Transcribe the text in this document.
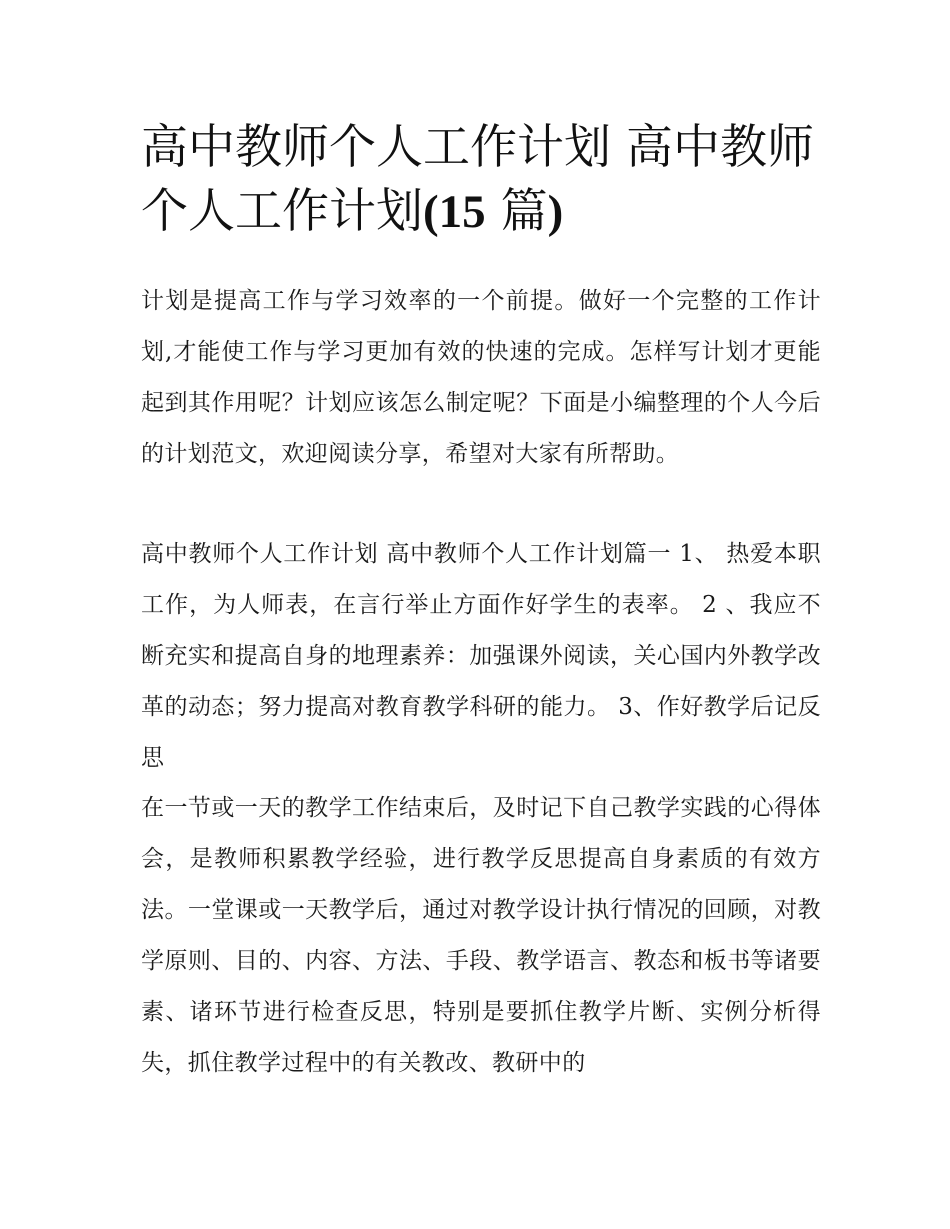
高中教师个人工作计划 高中教师个人工作计划(15 篇)

计划是提高工作与学习效率的一个前提。做好一个完整的工作计划,才能使工作与学习更加有效的快速的完成。怎样写计划才更能起到其作用呢？计划应该怎么制定呢？下面是小编整理的个人今后的计划范文，欢迎阅读分享，希望对大家有所帮助。

高中教师个人工作计划 高中教师个人工作计划篇一 1、 热爱本职工作，为人师表，在言行举止方面作好学生的表率。 2 、我应不断充实和提高自身的地理素养：加强课外阅读，关心国内外教学改革的动态；努力提高对教育教学科研的能力。 3、作好教学后记反思

在一节或一天的教学工作结束后，及时记下自己教学实践的心得体会，是教师积累教学经验，进行教学反思提高自身素质的有效方法。一堂课或一天教学后，通过对教学设计执行情况的回顾，对教学原则、目的、内容、方法、手段、教学语言、教态和板书等诸要素、诸环节进行检查反思，特别是要抓住教学片断、实例分析得失，抓住教学过程中的有关教改、教研中的
